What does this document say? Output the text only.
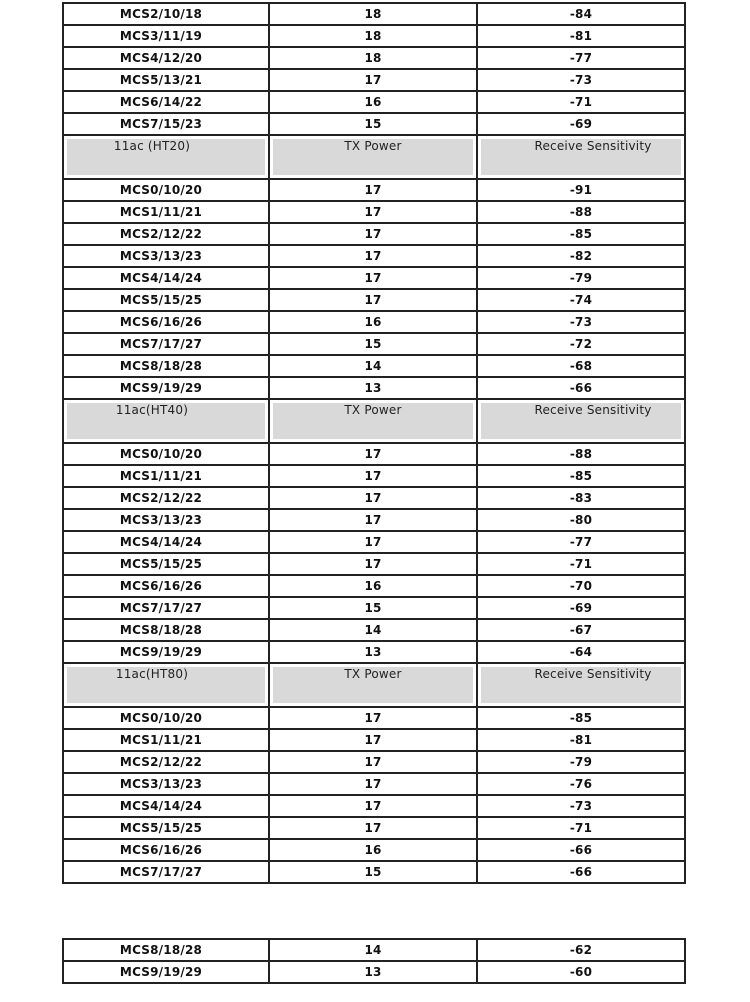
MCS2/10/18	18	-84
MCS3/11/19	18	-81
MCS4/12/20	18	-77
MCS5/13/21	17	-73
MCS6/14/22	16	-71
MCS7/15/23	15	-69
11ac (HT20)	TX Power	Receive Sensitivity
MCS0/10/20	17	-91
MCS1/11/21	17	-88
MCS2/12/22	17	-85
MCS3/13/23	17	-82
MCS4/14/24	17	-79
MCS5/15/25	17	-74
MCS6/16/26	16	-73
MCS7/17/27	15	-72
MCS8/18/28	14	-68
MCS9/19/29	13	-66
11ac(HT40)	TX Power	Receive Sensitivity
MCS0/10/20	17	-88
MCS1/11/21	17	-85
MCS2/12/22	17	-83
MCS3/13/23	17	-80
MCS4/14/24	17	-77
MCS5/15/25	17	-71
MCS6/16/26	16	-70
MCS7/17/27	15	-69
MCS8/18/28	14	-67
MCS9/19/29	13	-64
11ac(HT80)	TX Power	Receive Sensitivity
MCS0/10/20	17	-85
MCS1/11/21	17	-81
MCS2/12/22	17	-79
MCS3/13/23	17	-76
MCS4/14/24	17	-73
MCS5/15/25	17	-71
MCS6/16/26	16	-66
MCS7/17/27	15	-66
MCS8/18/28	14	-62
MCS9/19/29	13	-60
